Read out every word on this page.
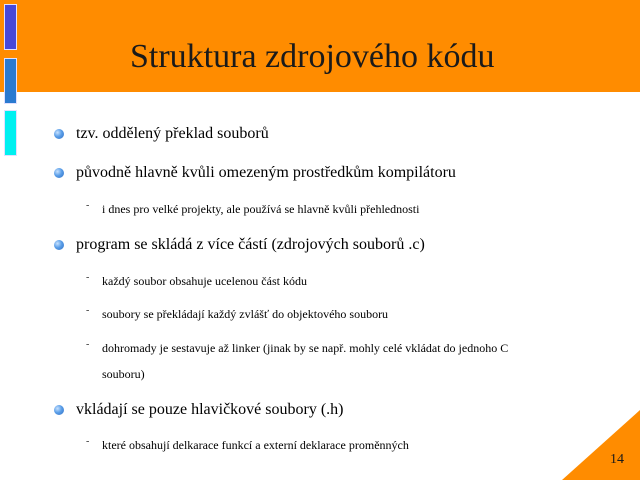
Struktura zdrojového kódu
tzv. oddělený překlad souborů
původně hlavně kvůli omezeným prostředkům kompilátoru
- i dnes pro velké projekty, ale používá se hlavně kvůli přehlednosti
program se skládá z více částí (zdrojových souborů .c)
- každý soubor obsahuje ucelenou část kódu
- soubory se překládají každý zvlášť do objektového souboru
- dohromady je sestavuje až linker (jinak by se např. mohly celé vkládat do jednoho C
souboru)
vkládají se pouze hlavičkové soubory (.h)
- které obsahují delkarace funkcí a externí deklarace proměnných
14
